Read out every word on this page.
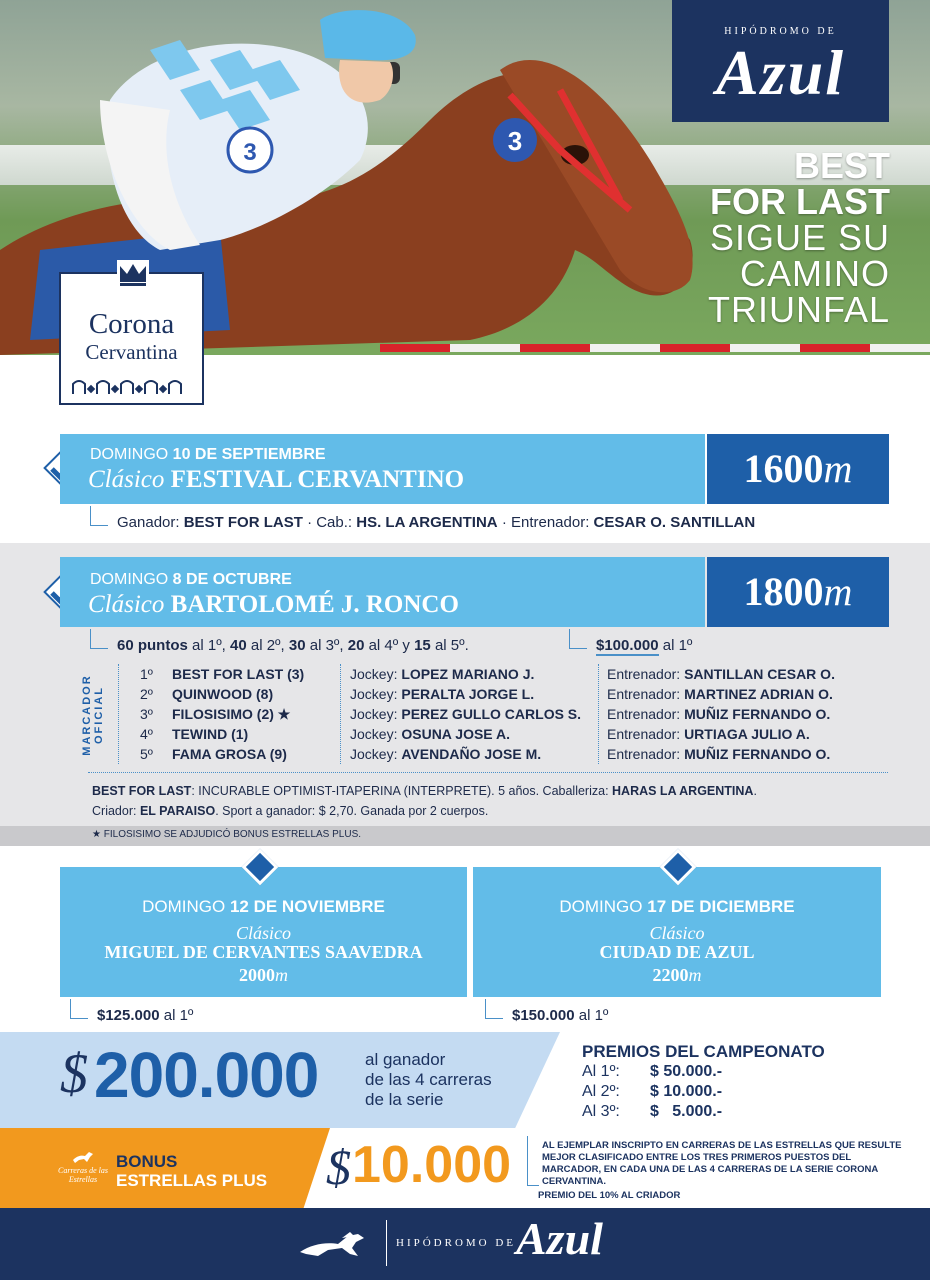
3
3
HIPÓDROMO DE
Azul
BEST
FOR LAST
SIGUE SU
CAMINO
TRIUNFAL
Corona
Cervantina
DOMINGO 10 DE SEPTIEMBRE
Clásico FESTIVAL CERVANTINO	1600m
Ganador: BEST FOR LAST · Cab.: HS. LA ARGENTINA · Entrenador: CESAR O. SANTILLAN
DOMINGO 8 DE OCTUBRE
Clásico BARTOLOMÉ J. RONCO	1800m
60 puntos al 1º, 40 al 2º, 30 al 3º, 20 al 4º y 15 al 5º.	$100.000 al 1º
MARCADOR OFICIAL
1º BEST FOR LAST (3)	Jockey: LOPEZ MARIANO J.	Entrenador: SANTILLAN CESAR O.
2º QUINWOOD (8)	Jockey: PERALTA JORGE L.	Entrenador: MARTINEZ ADRIAN O.
3º FILOSISIMO (2) ★	Jockey: PEREZ GULLO CARLOS S. Entrenador: MUÑIZ FERNANDO O.
4º TEWIND (1)	Jockey: OSUNA JOSE A.	Entrenador: URTIAGA JULIO A.
5º FAMA GROSA (9)	Jockey: AVENDAÑO JOSE M.	Entrenador: MUÑIZ FERNANDO O.
BEST FOR LAST: INCURABLE OPTIMIST-ITAPERINA (INTERPRETE). 5 años. Caballeriza: HARAS LA ARGENTINA.
Criador: EL PARAISO. Sport a ganador: $ 2,70. Ganada por 2 cuerpos.
★ FILOSISIMO SE ADJUDICÓ BONUS ESTRELLAS PLUS.
DOMINGO 12 DE NOVIEMBRE
Clásico
MIGUEL DE CERVANTES SAAVEDRA
2000m
DOMINGO 17 DE DICIEMBRE
Clásico
CIUDAD DE AZUL
2200m
$125.000 al 1º	$150.000 al 1º
$ 200.000	al ganador
de las 4 carreras
de la serie
PREMIOS DEL CAMPEONATO
Al 1º: $ 50.000.-
Al 2º: $ 10.000.-
Al 3º: $   5.000.-
Carreras de las Estrellas
BONUS
ESTRELLAS PLUS $ 10.000	AL EJEMPLAR INSCRIPTO EN CARRERAS DE LAS ESTRELLAS QUE RESULTE MEJOR CLASIFICADO ENTRE LOS TRES PRIMEROS PUESTOS DEL MARCADOR, EN CADA UNA DE LAS 4 CARRERAS DE LA SERIE CORONA CERVANTINA.
PREMIO DEL 10% AL CRIADOR
HIPÓDROMO DE Azul
